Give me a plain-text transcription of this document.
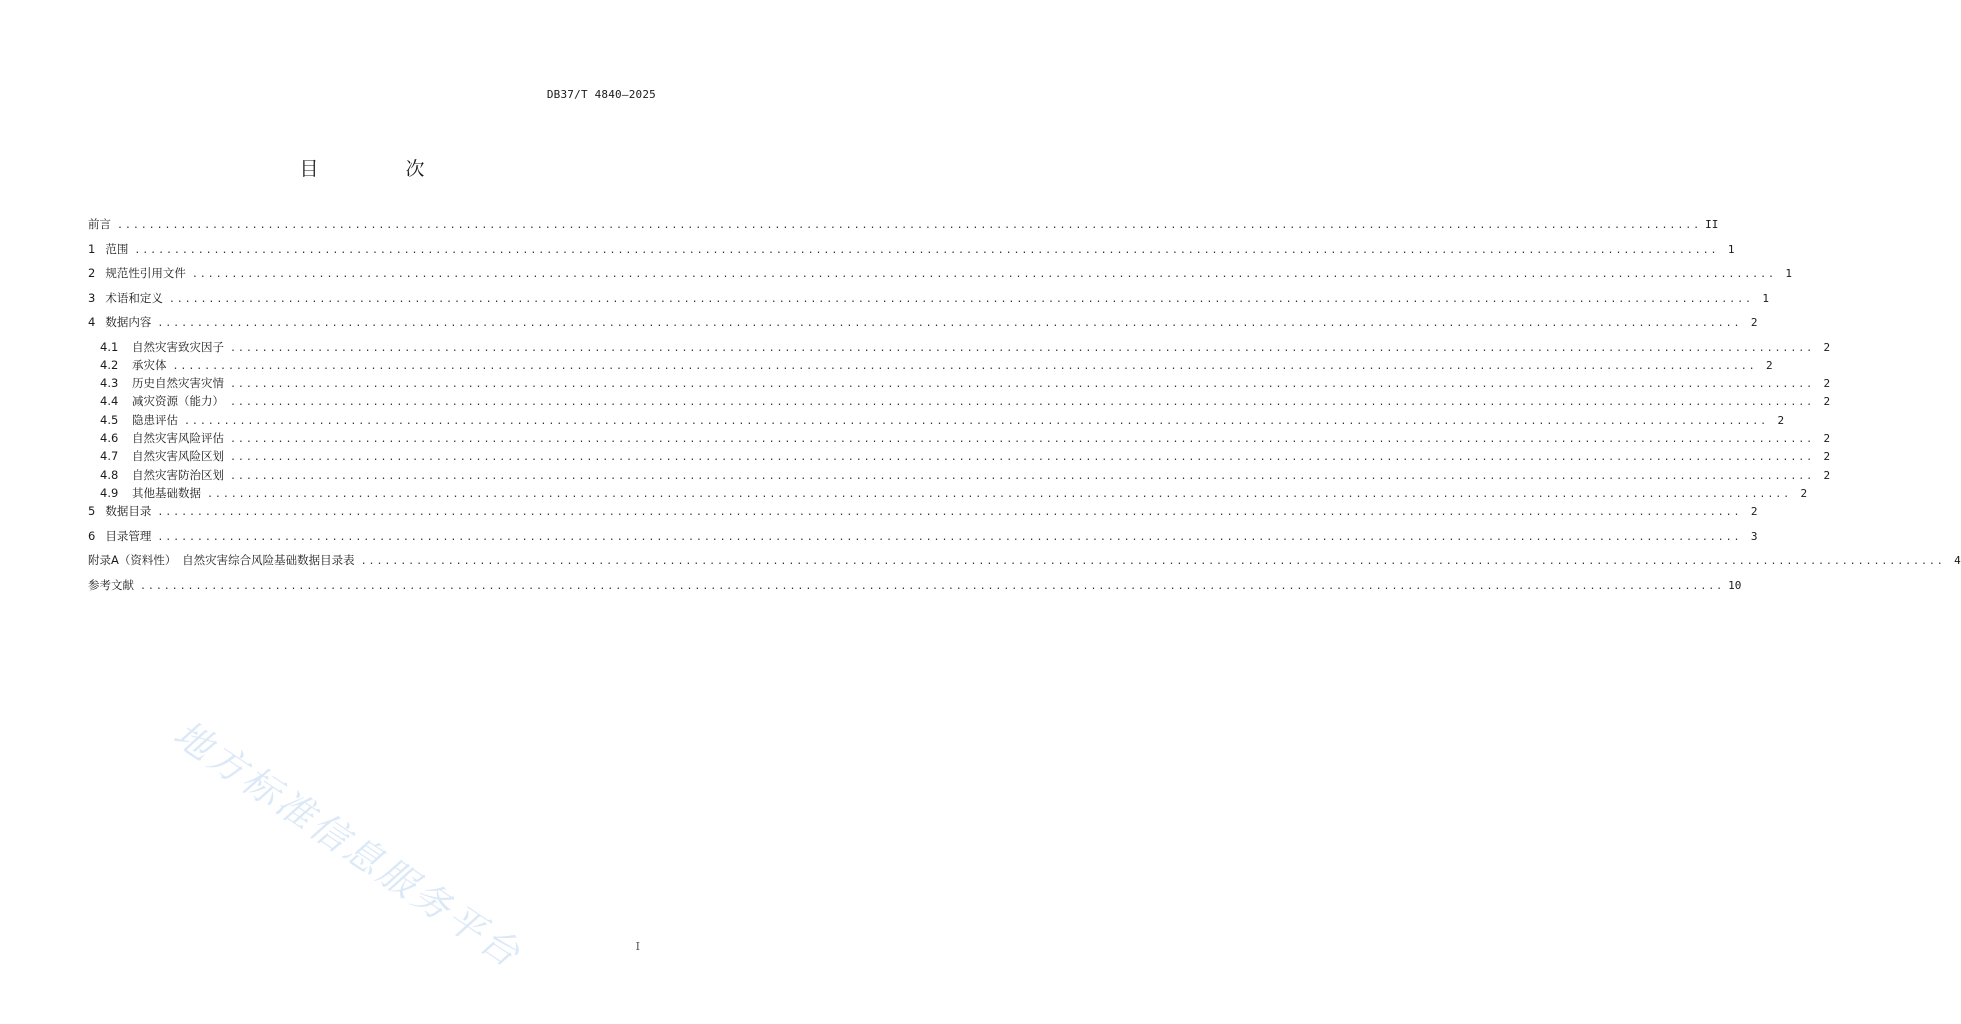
DB37/T 4840—2025
目　次
前言 ........................................................................................................................................................................................................ II
1 范围 ........................................................................................................................................................................................................ 1
2 规范性引用文件 ........................................................................................................................................................................................................ 1
3 术语和定义 ........................................................................................................................................................................................................ 1
4 数据内容 ........................................................................................................................................................................................................ 2
4.1	自然灾害致灾因子 ........................................................................................................................................................................................................ 2
4.2	承灾体 ........................................................................................................................................................................................................ 2
4.3	历史自然灾害灾情 ........................................................................................................................................................................................................ 2
4.4	减灾资源（能力） ........................................................................................................................................................................................................ 2
4.5	隐患评估 ........................................................................................................................................................................................................ 2
4.6	自然灾害风险评估 ........................................................................................................................................................................................................ 2
4.7	自然灾害风险区划 ........................................................................................................................................................................................................ 2
4.8	自然灾害防治区划 ........................................................................................................................................................................................................ 2
4.9	其他基础数据 ........................................................................................................................................................................................................ 2
5 数据目录 ........................................................................................................................................................................................................ 2
6 目录管理 ........................................................................................................................................................................................................ 3
附录A（资料性）　自然灾害综合风险基础数据目录表 ........................................................................................................................................................................................................ 4
参考文献 ........................................................................................................................................................................................................ 10
地方标准信息服务平台	I
